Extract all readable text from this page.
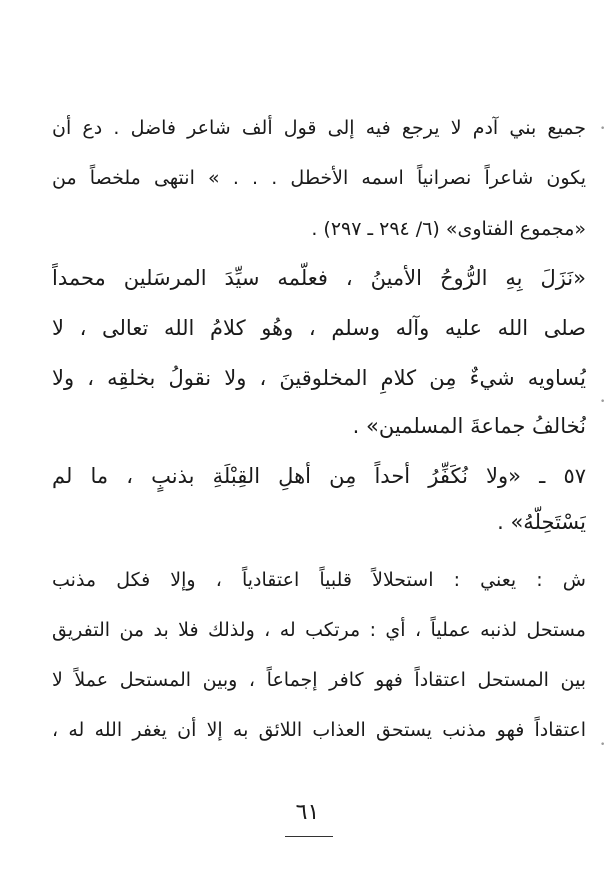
•
•
•
جميع بني آدم لا يرجع فيه إلى قول ألف شاعر فاضل . دع أن
يكون شاعراً نصرانياً اسمه الأخطل . . . » انتهى ملخصاً من
«مجموع الفتاوى» (٦/ ٢٩٤ ـ ٢٩٧) .
«نَزَلَ بِهِ الرُّوحُ الأمينُ ، فعلَّمه سيِّدَ المرسَلين محمداً
صلى الله عليه وآله وسلم ، وهُو كلامُ الله تعالى ، لا
يُساويه شيءٌ مِن كلامِ المخلوقينَ ، ولا نقولُ بخلقِه ، ولا
نُخالفُ جماعةَ المسلمين» .
٥٧ ـ «ولا نُكَفِّرُ أحداً مِن أهلِ القِبْلَةِ بذنبٍ ، ما لم
يَسْتَحِلَّهُ» .
ش : يعني : استحلالاً قلبياً اعتقادياً ، وإلا فكل مذنب
مستحل لذنبه عملياً ، أي : مرتكب له ، ولذلك فلا بد من التفريق
بين المستحل اعتقاداً فهو كافر إجماعاً ، وبين المستحل عملاً لا
اعتقاداً فهو مذنب يستحق العذاب اللائق به إلا أن يغفر الله له ،
٦١
